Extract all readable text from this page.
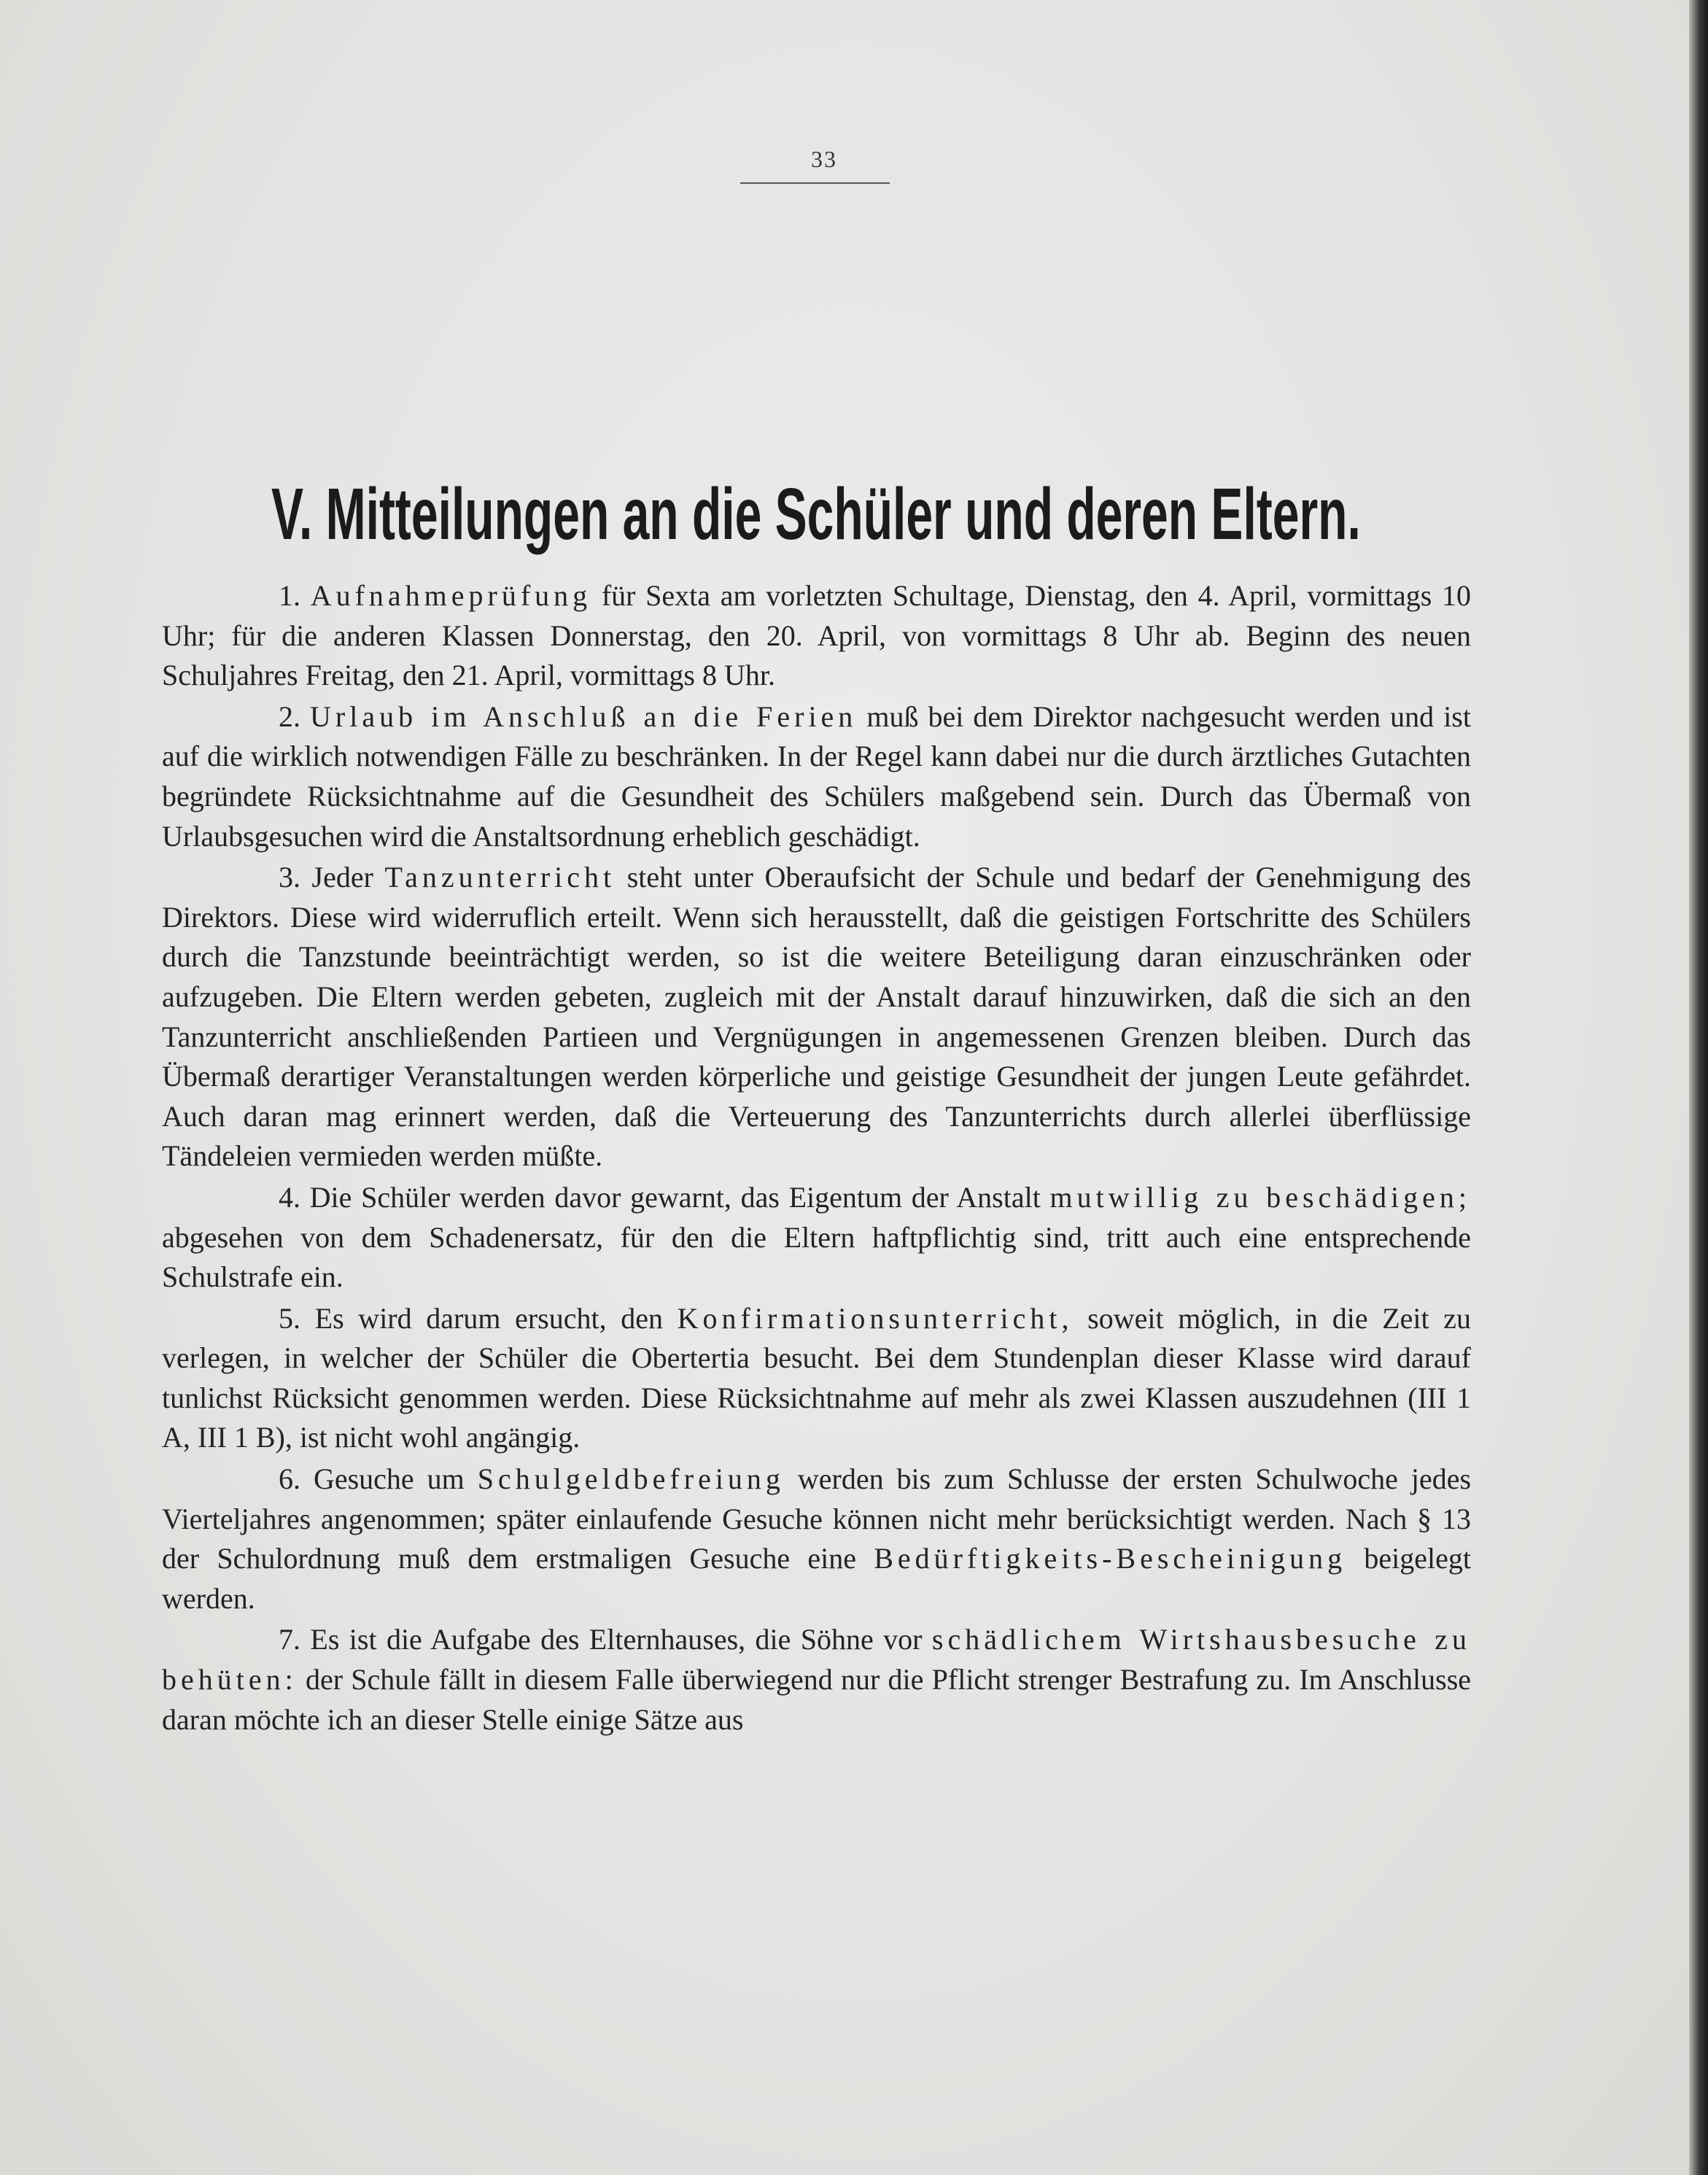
33
V. Mitteilungen an die Schüler und deren Eltern.

1. Aufnahmeprüfung für Sexta am vorletzten Schultage, Dienstag, den 4. April, vormittags 10 Uhr; für die anderen Klassen Donnerstag, den 20. April, von vormittags 8 Uhr ab. Beginn des neuen Schuljahres Freitag, den 21. April, vormittags 8 Uhr.

2. Urlaub im Anschluß an die Ferien muß bei dem Direktor nachgesucht werden und ist auf die wirklich notwendigen Fälle zu beschränken. In der Regel kann dabei nur die durch ärztliches Gutachten begründete Rücksichtnahme auf die Gesundheit des Schülers maßgebend sein. Durch das Übermaß von Urlaubsgesuchen wird die Anstaltsordnung erheblich geschädigt.

3. Jeder Tanzunterricht steht unter Oberaufsicht der Schule und bedarf der Genehmigung des Direktors. Diese wird widerruflich erteilt. Wenn sich herausstellt, daß die geistigen Fortschritte des Schülers durch die Tanzstunde beeinträchtigt werden, so ist die weitere Beteiligung daran einzuschränken oder aufzugeben. Die Eltern werden gebeten, zugleich mit der Anstalt darauf hinzuwirken, daß die sich an den Tanzunterricht anschließenden Partieen und Vergnügungen in angemessenen Grenzen bleiben. Durch das Übermaß derartiger Veranstaltungen werden körperliche und geistige Gesundheit der jungen Leute gefährdet. Auch daran mag erinnert werden, daß die Verteuerung des Tanzunterrichts durch allerlei überflüssige Tändeleien vermieden werden müßte.

4. Die Schüler werden davor gewarnt, das Eigentum der Anstalt mutwillig zu beschädigen; abgesehen von dem Schadenersatz, für den die Eltern haftpflichtig sind, tritt auch eine entsprechende Schulstrafe ein.

5. Es wird darum ersucht, den Konfirmationsunterricht, soweit möglich, in die Zeit zu verlegen, in welcher der Schüler die Obertertia besucht. Bei dem Stundenplan dieser Klasse wird darauf tunlichst Rücksicht genommen werden. Diese Rücksichtnahme auf mehr als zwei Klassen auszudehnen (III 1 A, III 1 B), ist nicht wohl angängig.

6. Gesuche um Schulgeldbefreiung werden bis zum Schlusse der ersten Schulwoche jedes Vierteljahres angenommen; später einlaufende Gesuche können nicht mehr berücksichtigt werden. Nach § 13 der Schulordnung muß dem erstmaligen Gesuche eine Bedürftigkeits-Bescheinigung beigelegt werden.

7. Es ist die Aufgabe des Elternhauses, die Söhne vor schädlichem Wirtshausbesuche zu behüten: der Schule fällt in diesem Falle überwiegend nur die Pflicht strenger Bestrafung zu. Im Anschlusse daran möchte ich an dieser Stelle einige Sätze aus
